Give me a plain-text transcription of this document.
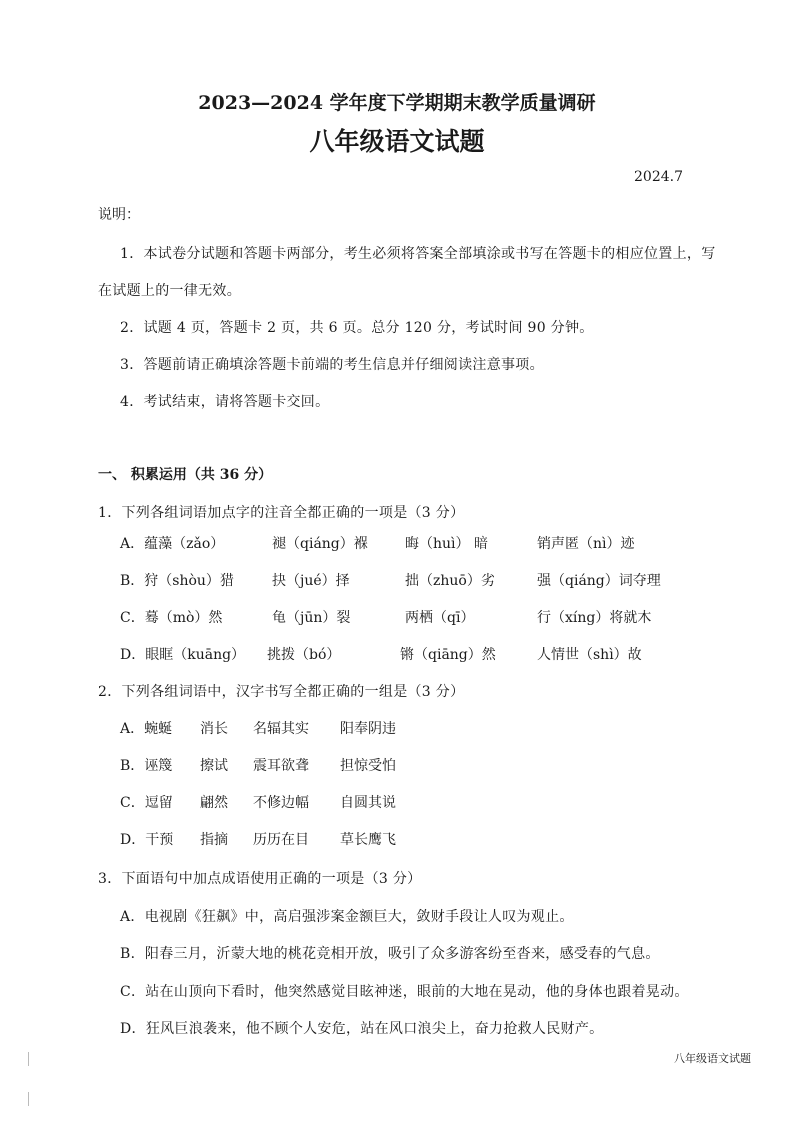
2023—2024 学年度下学期期末教学质量调研
八年级语文试题
2024.7
说明：
1．本试卷分试题和答题卡两部分，考生必须将答案全部填涂或书写在答题卡的相应位置上，写
在试题上的一律无效。
2．试题 4 页，答题卡 2 页，共 6 页。总分 120 分，考试时间 90 分钟。
3．答题前请正确填涂答题卡前端的考生信息并仔细阅读注意事项。
4．考试结束，请将答题卡交回。
一、 积累运用（共 36 分）
1．下列各组词语加点字的注音全都正确的一项是（3 分）
A．蕴藻（zǎo）	褪（qiáng）褓	晦（huì） 暗	销声匿（nì）迹
B．狩（shòu）猎	抉（jué）择	拙（zhuō）劣	强（qiáng）词夺理
C．蓦（mò）然	龟（jūn）裂	两栖（qī）	行（xíng）将就木
D．眼眶（kuāng） 挑拨（bó）	锵（qiāng）然	人情世（shì）故
2．下列各组词语中，汉字书写全都正确的一组是（3 分）
A．蜿蜒 消长 名辐其实 阳奉阴违
B．诬篾 擦试 震耳欲聋 担惊受怕
C．逗留 翩然 不修边幅 自圆其说
D．干预 指摘 历历在目 草长鹰飞
3．下面语句中加点成语使用正确的一项是（3 分）
A．电视剧《狂飙》中，高启强涉案金额巨大，敛财手段让人叹为观止。
B．阳春三月，沂蒙大地的桃花竞相开放，吸引了众多游客纷至沓来，感受春的气息。
C．站在山顶向下看时，他突然感觉目眩神迷，眼前的大地在晃动，他的身体也跟着晃动。
D．狂风巨浪袭来，他不顾个人安危，站在风口浪尖上，奋力抢救人民财产。
八年级语文试题
